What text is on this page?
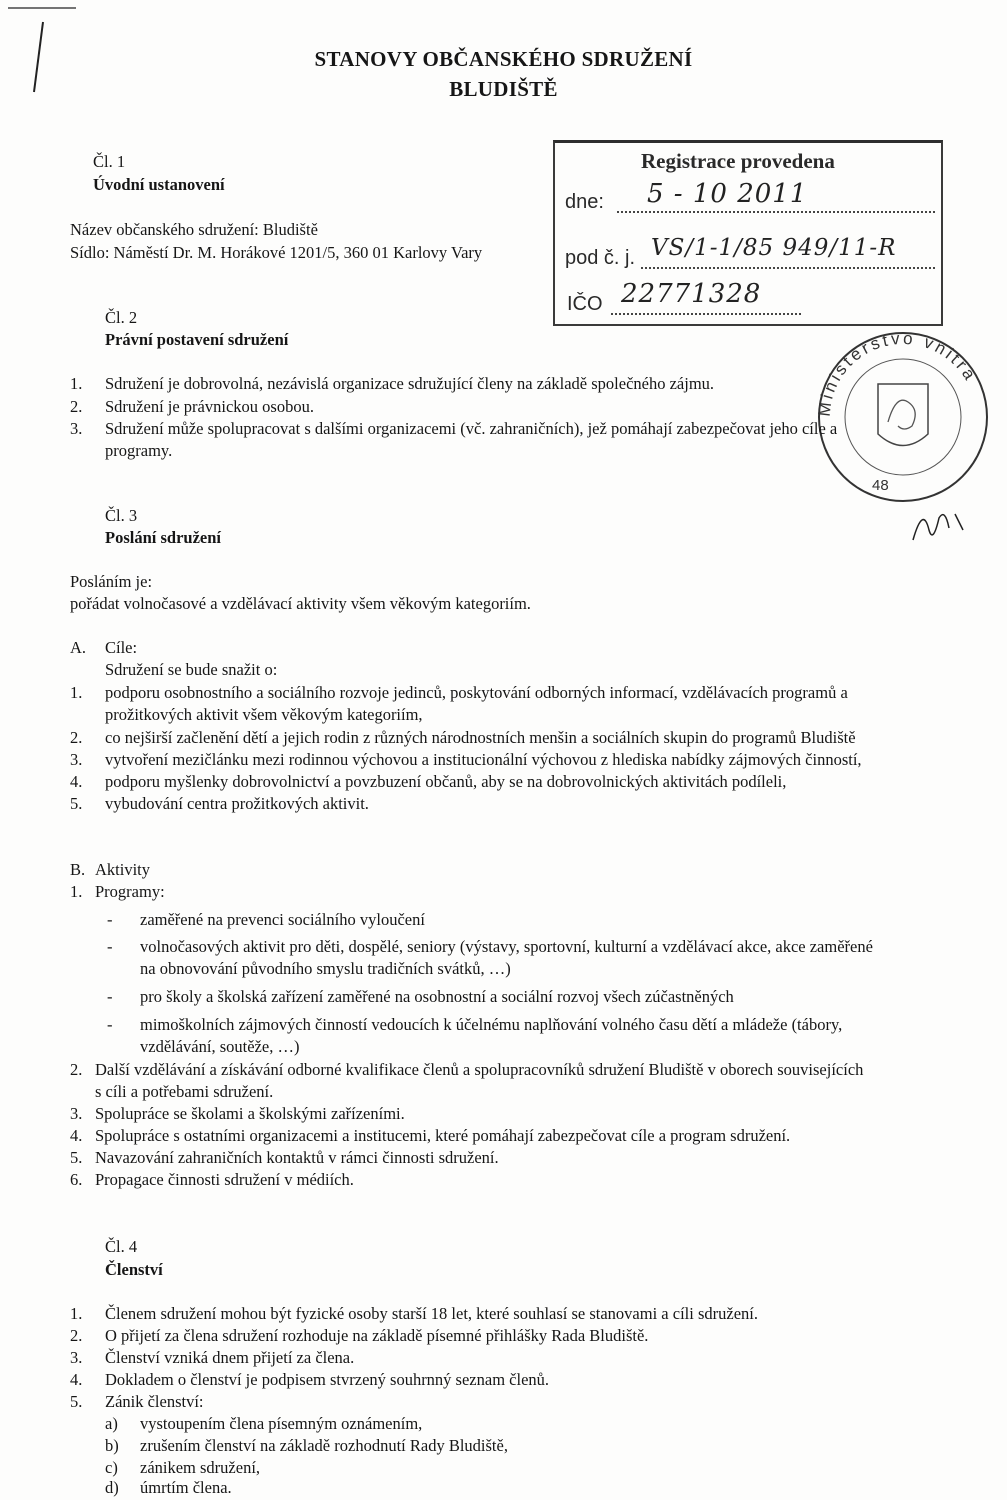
STANOVY OBČANSKÉHO SDRUŽENÍ
BLUDIŠTĚ
Čl. 1
Úvodní ustanovení
Název občanského sdružení: Bludiště
Sídlo: Náměstí Dr. M. Horákové 1201/5, 360 01 Karlovy Vary
Registrace provedena
dne: 5 - 10 2011
pod č. j. VS/1-1/85 949/11-R
IČO 22771328
Ministerstvo vnitra
48
Čl. 2
Právní postavení sdružení
1. Sdružení je dobrovolná, nezávislá organizace sdružující členy na základě společného zájmu.
2. Sdružení je právnickou osobou.
3. Sdružení může spolupracovat s dalšími organizacemi (vč. zahraničních), jež pomáhají zabezpečovat jeho cíle a
programy.
Čl. 3
Poslání sdružení
Posláním je:
pořádat volnočasové a vzdělávací aktivity všem věkovým kategoriím.
A. Cíle:
Sdružení se bude snažit o:
1. podporu osobnostního a sociálního rozvoje jedinců, poskytování odborných informací, vzdělávacích programů a
prožitkových aktivit všem věkovým kategoriím,
2. co nejširší začlenění dětí a jejich rodin z různých národnostních menšin a sociálních skupin do programů Bludiště
3. vytvoření mezičlánku mezi rodinnou výchovou a institucionální výchovou z hlediska nabídky zájmových činností,
4. podporu myšlenky dobrovolnictví a povzbuzení občanů, aby se na dobrovolnických aktivitách podíleli,
5. vybudování centra prožitkových aktivit.
B. Aktivity
1. Programy:
- zaměřené na prevenci sociálního vyloučení
- volnočasových aktivit pro děti, dospělé, seniory (výstavy, sportovní, kulturní a vzdělávací akce, akce zaměřené
na obnovování původního smyslu tradičních svátků, …)
- pro školy a školská zařízení zaměřené na osobnostní a sociální rozvoj všech zúčastněných
- mimoškolních zájmových činností vedoucích k účelnému naplňování volného času dětí a mládeže (tábory,
vzdělávání, soutěže, …)
2. Další vzdělávání a získávání odborné kvalifikace členů a spolupracovníků sdružení Bludiště v oborech souvisejících
s cíli a potřebami sdružení.
3. Spolupráce se školami a školskými zařízeními.
4. Spolupráce s ostatními organizacemi a institucemi, které pomáhají zabezpečovat cíle a program sdružení.
5. Navazování zahraničních kontaktů v rámci činnosti sdružení.
6. Propagace činnosti sdružení v médiích.
Čl. 4
Členství
1. Členem sdružení mohou být fyzické osoby starší 18 let, které souhlasí se stanovami a cíli sdružení.
2. O přijetí za člena sdružení rozhoduje na základě písemné přihlášky Rada Bludiště.
3. Členství vzniká dnem přijetí za člena.
4. Dokladem o členství je podpisem stvrzený souhrnný seznam členů.
5. Zánik členství:
a) vystoupením člena písemným oznámením,
b) zrušením členství na základě rozhodnutí Rady Bludiště,
c) zánikem sdružení,
d) úmrtím člena.
